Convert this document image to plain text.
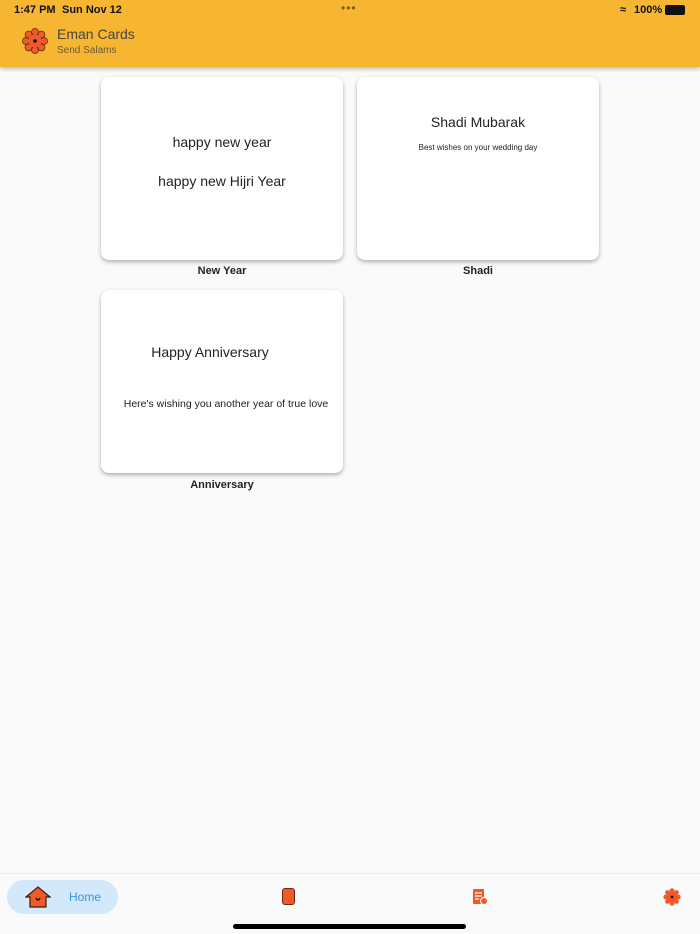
1:47 PM Sun Nov 12	•••	≈ 100%
Eman Cards
Send Salams
happy new year
happy new Hijri Year
New Year
Shadi Mubarak
Best wishes on your wedding day
Shadi
Happy Anniversary
Here's wishing you another year of true love
Anniversary
Home
